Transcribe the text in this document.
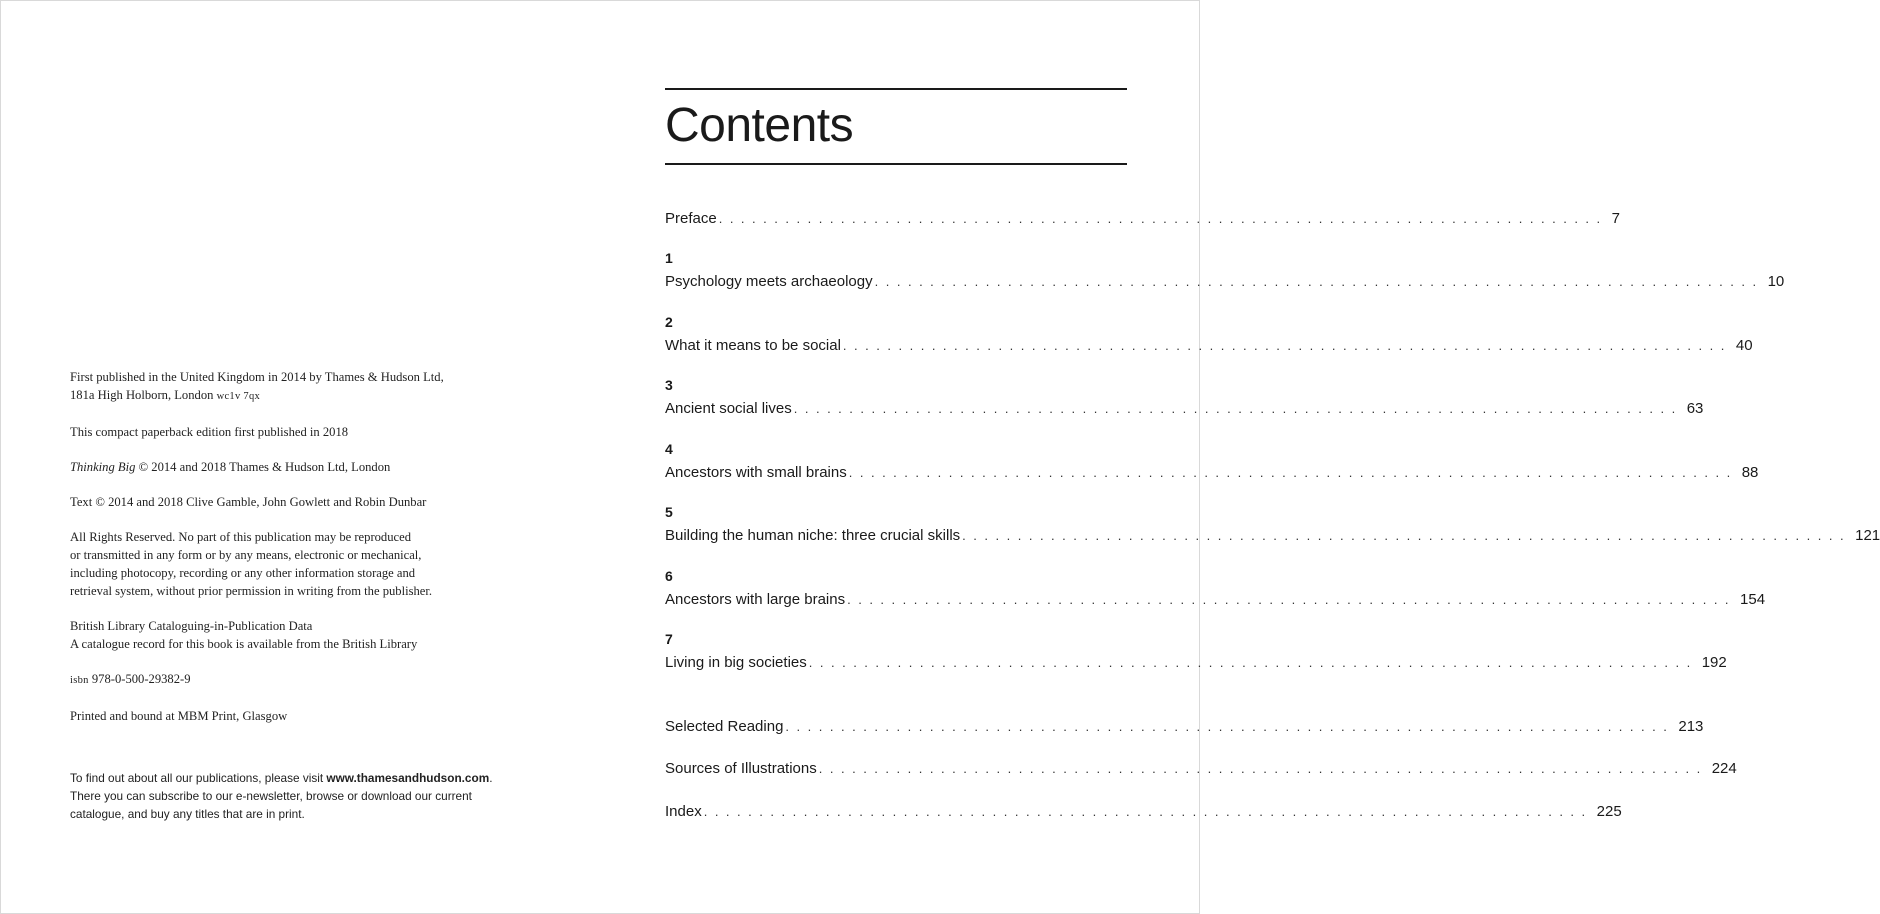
First published in the United Kingdom in 2014 by Thames & Hudson Ltd,
181a High Holborn, London wc1v 7qx

This compact paperback edition first published in 2018

Thinking Big © 2014 and 2018 Thames & Hudson Ltd, London

Text © 2014 and 2018 Clive Gamble, John Gowlett and Robin Dunbar

All Rights Reserved. No part of this publication may be reproduced
or transmitted in any form or by any means, electronic or mechanical,
including photocopy, recording or any other information storage and
retrieval system, without prior permission in writing from the publisher.

British Library Cataloguing-in-Publication Data
A catalogue record for this book is available from the British Library

isbn 978-0-500-29382-9

Printed and bound at MBM Print, Glasgow

To find out about all our publications, please visit www.thamesandhudson.com.
There you can subscribe to our e-newsletter, browse or download our current
catalogue, and buy any titles that are in print.
Contents
Preface ................................................................................ 7
1
Psychology meets archaeology ................................................................................ 10
2
What it means to be social ................................................................................ 40
3
Ancient social lives ................................................................................ 63
4
Ancestors with small brains ................................................................................ 88
5
Building the human niche: three crucial skills ................................................................................ 121
6
Ancestors with large brains ................................................................................ 154
7
Living in big societies ................................................................................ 192
Selected Reading ................................................................................ 213
Sources of Illustrations ................................................................................ 224
Index ................................................................................ 225
